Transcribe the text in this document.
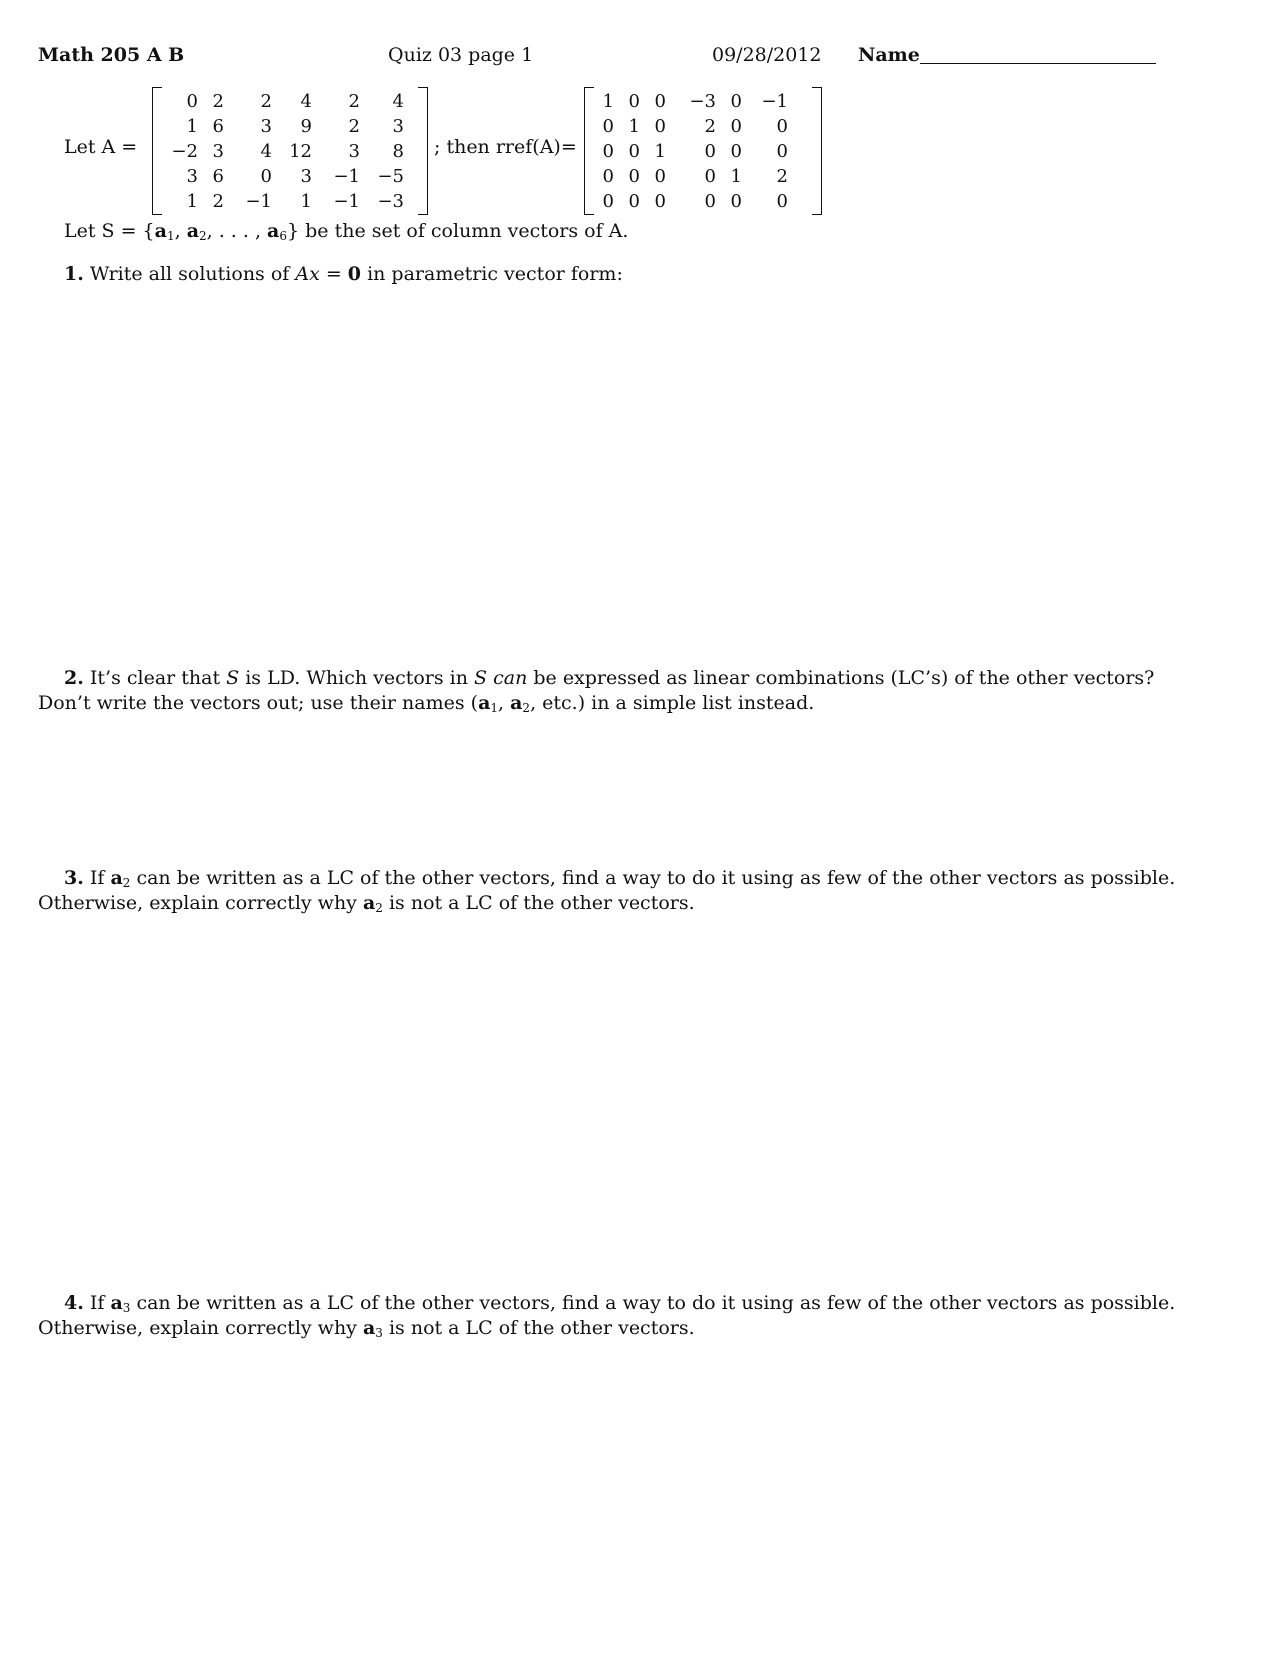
Math 205 A B	Quiz 03 page 1	09/28/2012 Name
Let A =
0	2	2	4	2	4
1	6	3	9	2	3
−2	3	4	12	3	8
3	6	0	3	−1	−5
1	2	−1	1	−1	−3
; then rref(A)=
1	0	0	−3	0	−1
0	1	0	2	0	0
0	0	1	0	0	0
0	0	0	0	1	2
0	0	0	0	0	0
Let $S = \{a_1$, $a_2$, . . . , $a_6$} be the set of column vectors of A.
1. Write all solutions of Ax = 0 in parametric vector form:
2. It’s clear that S is LD. Which vectors in S can be expressed as linear combinations (LC’s) of the other vectors?
Don’t write the vectors out; use their names ($a_1$, $a_2$, etc.) in a simple list instead.
3. If $a_2$ can be written as a LC of the other vectors, find a way to do it using as few of the other vectors as possible.
Otherwise, explain correctly why $a_2$ is not a LC of the other vectors.
4. If $a_3$ can be written as a LC of the other vectors, find a way to do it using as few of the other vectors as possible.
Otherwise, explain correctly why $a_3$ is not a LC of the other vectors.
